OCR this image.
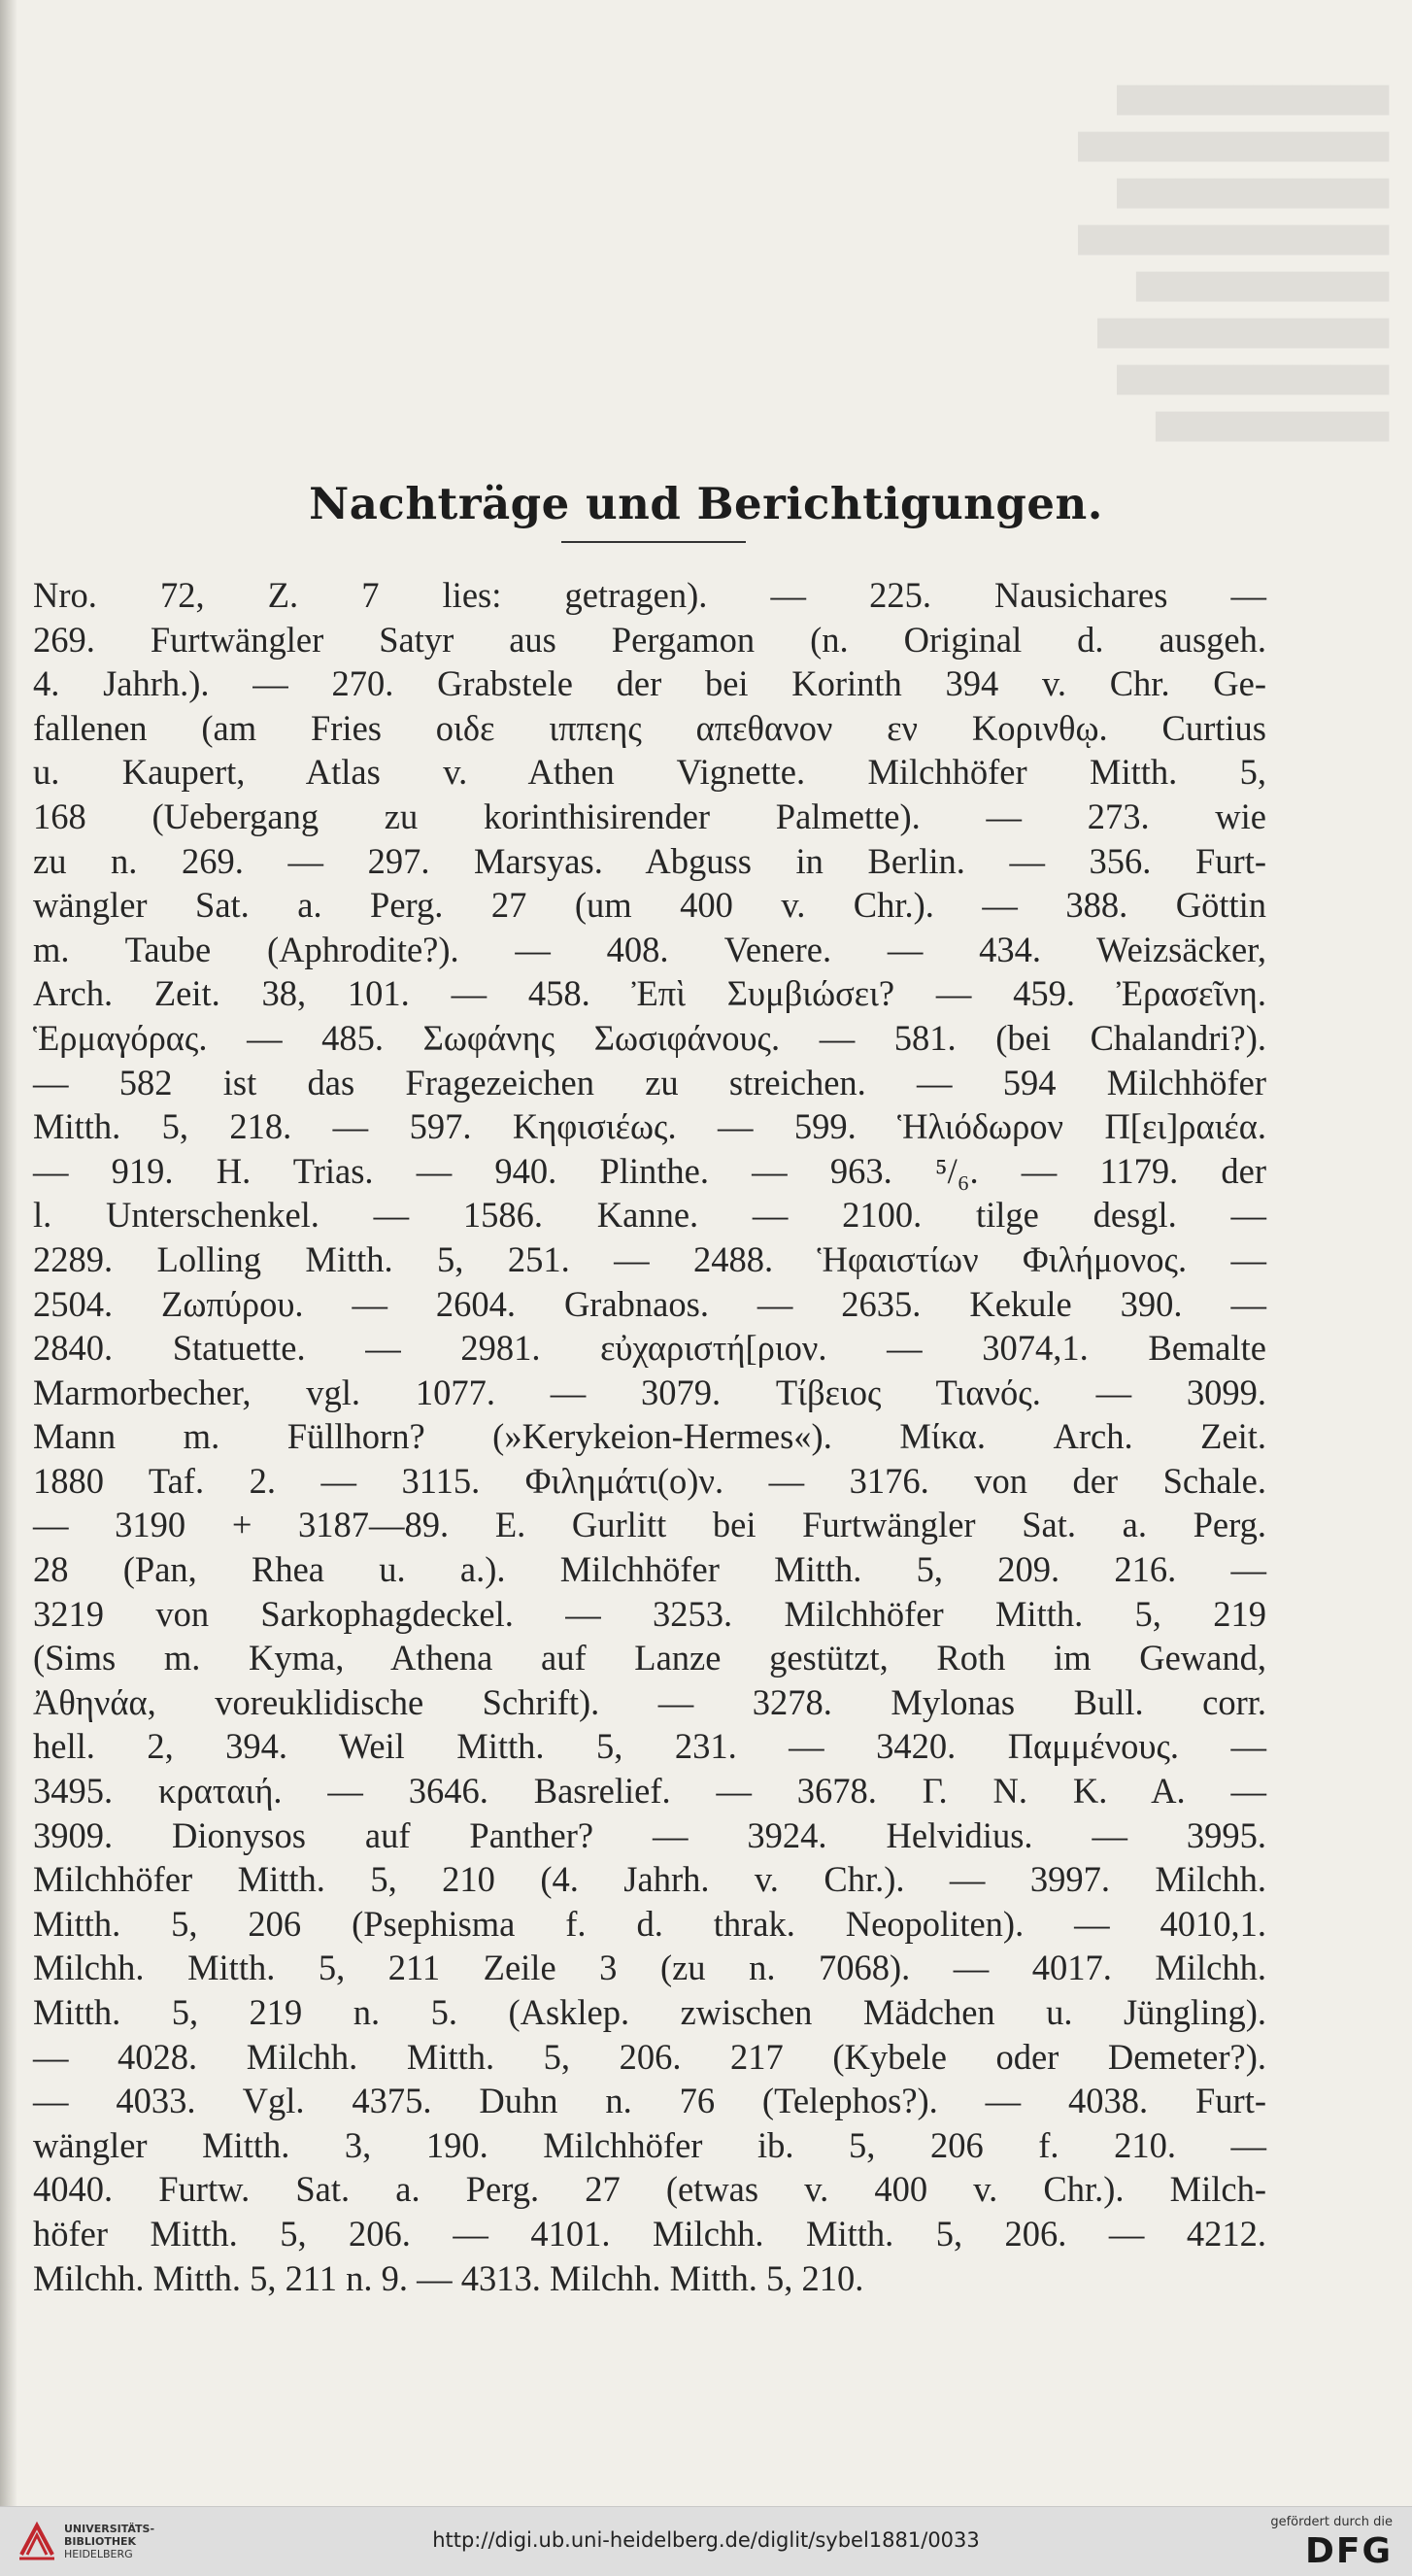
██████████████
████████████████
██████████████
████████████████
█████████████
███████████████
██████████████
████████████
Nachträge und Berichtigungen.
Nro. 72, Z. 7 lies: getragen). — 225. Nausichares —
269. Furtwängler Satyr aus Pergamon (n. Original d. ausgeh.
4. Jahrh.). — 270. Grabstele der bei Korinth 394 v. Chr. Ge-
fallenen (am Fries οιδε ιππεης απεθανον εν Κορινθῳ. Curtius
u. Kaupert, Atlas v. Athen Vignette. Milchhöfer Mitth. 5,
168 (Uebergang zu korinthisirender Palmette). — 273. wie
zu n. 269. — 297. Marsyas. Abguss in Berlin. — 356. Furt-
wängler Sat. a. Perg. 27 (um 400 v. Chr.). — 388. Göttin
m. Taube (Aphrodite?). — 408. Venere. — 434. Weizsäcker,
Arch. Zeit. 38, 101. — 458. Ἐπὶ Συμβιώσει? — 459. Ἐρασεῖνη.
Ἑρμαγόρας. — 485. Σωφάνης Σωσιφάνους. — 581. (bei Chalandri?).
— 582 ist das Fragezeichen zu streichen. — 594 Milchhöfer
Mitth. 5, 218. — 597. Κηφισιέως. — 599. Ἡλιόδωρον Π[ει]ραιέα.
— 919. H. Trias. — 940. Plinthe. — 963. ⁵/₆. — 1179. der
l. Unterschenkel. — 1586. Kanne. — 2100. tilge desgl. —
2289. Lolling Mitth. 5, 251. — 2488. Ἡφαιστίων Φιλήμονος. —
2504. Ζωπύρου. — 2604. Grabnaos. — 2635. Kekule 390. —
2840. Statuette. — 2981. εὐχαριστή[ριον. — 3074,1. Bemalte
Marmorbecher, vgl. 1077. — 3079. Τίβειος Τιανός. — 3099.
Mann m. Füllhorn? (»Kerykeion-Hermes«). Μίκα. Arch. Zeit.
1880 Taf. 2. — 3115. Φιλημάτι(ο)ν. — 3176. von der Schale.
— 3190 + 3187—89. E. Gurlitt bei Furtwängler Sat. a. Perg.
28 (Pan, Rhea u. a.). Milchhöfer Mitth. 5, 209. 216. —
3219 von Sarkophagdeckel. — 3253. Milchhöfer Mitth. 5, 219
(Sims m. Kyma, Athena auf Lanze gestützt, Roth im Gewand,
Ἀθηνάα, voreuklidische Schrift). — 3278. Mylonas Bull. corr.
hell. 2, 394. Weil Mitth. 5, 231. — 3420. Παμμένους. —
3495. κραταιή. — 3646. Basrelief. — 3678. Γ. Ν. Κ. Α. —
3909. Dionysos auf Panther? — 3924. Helvidius. — 3995.
Milchhöfer Mitth. 5, 210 (4. Jahrh. v. Chr.). — 3997. Milchh.
Mitth. 5, 206 (Psephisma f. d. thrak. Neopoliten). — 4010,1.
Milchh. Mitth. 5, 211 Zeile 3 (zu n. 7068). — 4017. Milchh.
Mitth. 5, 219 n. 5. (Asklep. zwischen Mädchen u. Jüngling).
— 4028. Milchh. Mitth. 5, 206. 217 (Kybele oder Demeter?).
— 4033. Vgl. 4375. Duhn n. 76 (Telephos?). — 4038. Furt-
wängler Mitth. 3, 190. Milchhöfer ib. 5, 206 f. 210. —
4040. Furtw. Sat. a. Perg. 27 (etwas v. 400 v. Chr.). Milch-
höfer Mitth. 5, 206. — 4101. Milchh. Mitth. 5, 206. — 4212.
Milchh. Mitth. 5, 211 n. 9. — 4313. Milchh. Mitth. 5, 210.
UNIVERSITÄTS-
BIBLIOTHEK
HEIDELBERG
http://digi.ub.uni-heidelberg.de/diglit/sybel1881/0033
gefördert durch die
DFG
